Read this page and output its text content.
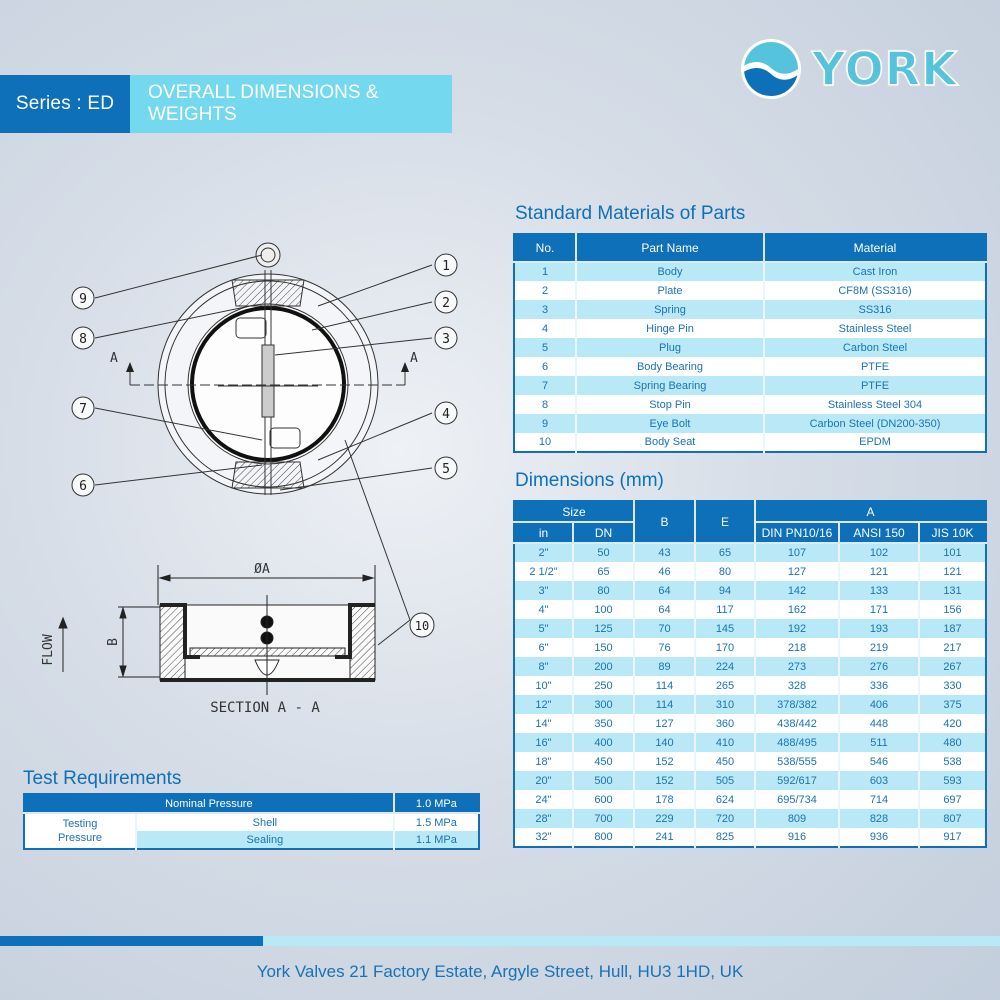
Series : ED
OVERALL DIMENSIONS & WEIGHTS
YORK
A	A
9
8
7
6
1
2
3
4
5
10
ØA
B
FLOW
SECTION A - A
Standard Materials of Parts
No.	Part Name	Material
1	Body	Cast Iron
2	Plate	CF8M (SS316)
3	Spring	SS316
4	Hinge Pin	Stainless Steel
5	Plug	Carbon Steel
6	Body Bearing	PTFE
7	Spring Bearing	PTFE
8	Stop Pin	Stainless Steel 304
9	Eye Bolt	Carbon Steel (DN200-350)
10	Body Seat	EPDM
Dimensions (mm)
Size		B	E	A		
in	DN			DIN PN10/16	ANSI 150	JIS 10K
2"	50	43	65	107	102	101
2 1/2"	65	46	80	127	121	121
3"	80	64	94	142	133	131
4"	100	64	117	162	171	156
5"	125	70	145	192	193	187
6"	150	76	170	218	219	217
8"	200	89	224	273	276	267
10"	250	114	265	328	336	330
12"	300	114	310	378/382	406	375
14"	350	127	360	438/442	448	420
16"	400	140	410	488/495	511	480
18"	450	152	450	538/555	546	538
20"	500	152	505	592/617	603	593
24"	600	178	624	695/734	714	697
28"	700	229	720	809	828	807
32"	800	241	825	916	936	917
Test Requirements
Nominal Pressure		1.0 MPa
Testing
Pressure	Shell	1.5 MPa
	Sealing	1.1 MPa
York Valves 21 Factory Estate, Argyle Street, Hull, HU3 1HD, UK
